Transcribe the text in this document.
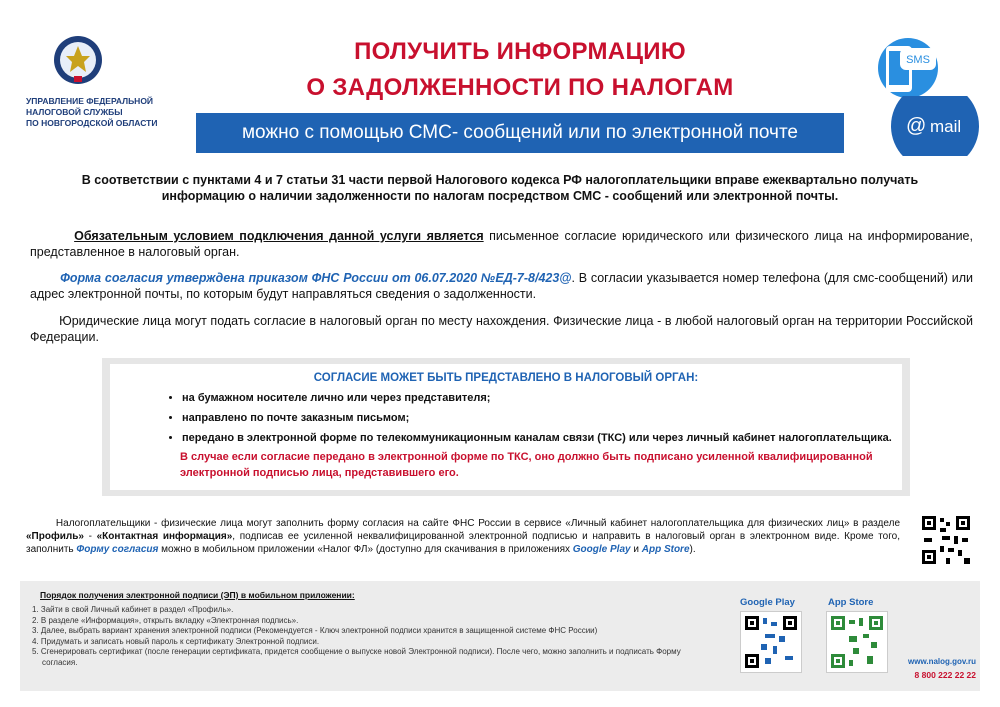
УПРАВЛЕНИЕ ФЕДЕРАЛЬНОЙ
НАЛОГОВОЙ СЛУЖБЫ
ПО НОВГОРОДСКОЙ ОБЛАСТИ
ПОЛУЧИТЬ ИНФОРМАЦИЮ
О ЗАДОЛЖЕННОСТИ ПО НАЛОГАМ
можно с помощью СМС- сообщений или по электронной почте
SMS
@ mail
В соответствии с пунктами 4 и 7 статьи 31 части первой Налогового кодекса РФ налогоплательщики вправе ежеквартально получать информацию о наличии задолженности по налогам посредством СМС - сообщений или электронной почты.
Обязательным условием подключения данной услуги является письменное согласие юридического или физического лица на информирование, представленное в налоговый орган.
Форма согласия утверждена приказом ФНС России от 06.07.2020 №ЕД-7-8/423@. В согласии указывается номер телефона (для смс-сообщений) или адрес электронной почты, по которым будут направляться сведения о задолженности.
Юридические лица могут подать согласие в налоговый орган по месту нахождения. Физические лица - в любой налоговый орган на территории Российской Федерации.
СОГЛАСИЕ МОЖЕТ БЫТЬ ПРЕДСТАВЛЕНО В НАЛОГОВЫЙ ОРГАН:
• на бумажном носителе лично или через представителя;
• направлено по почте заказным письмом;
• передано в электронной форме по телекоммуникационным каналам связи (ТКС) или через личный кабинет налогоплательщика.
В случае если согласие передано в электронной форме по ТКС, оно должно быть подписано усиленной квалифицированной электронной подписью лица, представившего его.
Налогоплательщики - физические лица могут заполнить форму согласия на сайте ФНС России в сервисе «Личный кабинет налогоплательщика для физических лиц» в разделе «Профиль» - «Контактная информация», подписав ее усиленной неквалифицированной электронной подписью и направить в налоговый орган в электронном виде. Кроме того, заполнить Форму согласия можно в мобильном приложении «Налог ФЛ» (доступно для скачивания в приложениях Google Play и App Store).
Порядок получения электронной подписи (ЭП) в мобильном приложении:
1. Зайти в свой Личный кабинет в раздел «Профиль».
2. В разделе «Информация», открыть вкладку «Электронная подпись».
3. Далее, выбрать вариант хранения электронной подписи (Рекомендуется - Ключ электронной подписи хранится в защищенной системе ФНС России)
4. Придумать и записать новый пароль к сертификату Электронной подписи.
5. Сгенерировать сертификат (после генерации сертификата, придется сообщение о выпуске новой Электронной подписи). После чего, можно заполнить и подписать Форму согласия.
Google Play	App Store
www.nalog.gov.ru
8 800 222 22 22
